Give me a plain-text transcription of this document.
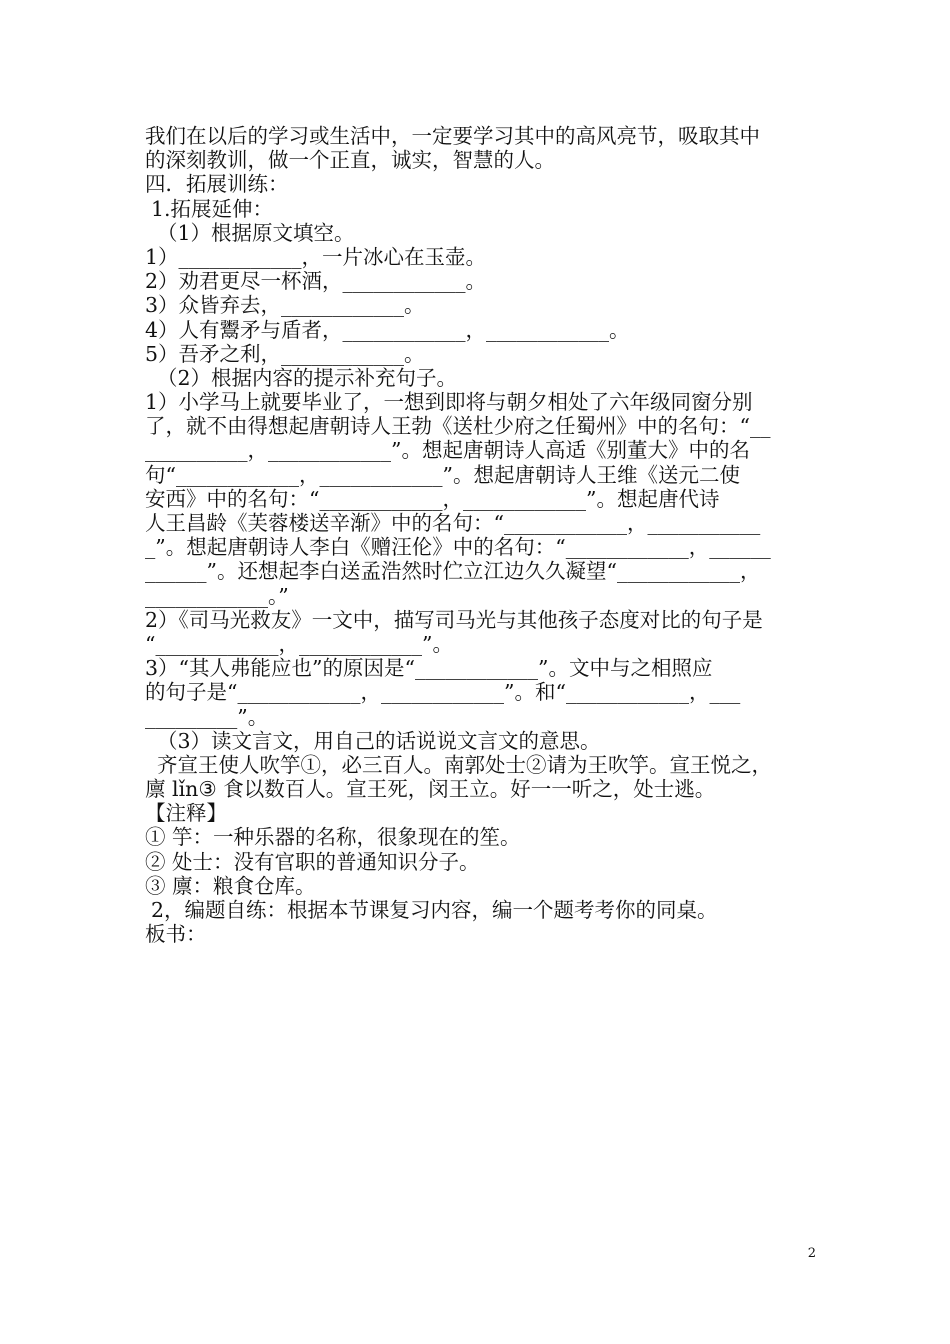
我们在以后的学习或生活中，一定要学习其中的高风亮节，吸取其中
的深刻教训，做一个正直，诚实，智慧的人。
四．拓展训练：
1.拓展延伸：
（1）根据原文填空。
1）____________，一片冰心在玉壶。
2）劝君更尽一杯酒，____________。
3）众皆弃去，____________。
4）人有鬻矛与盾者，____________，____________。
5）吾矛之利，____________。
（2）根据内容的提示补充句子。
1）小学马上就要毕业了，一想到即将与朝夕相处了六年级同窗分别
了，就不由得想起唐朝诗人王勃《送杜少府之任蜀州》中的名句：“__
__________，____________”。想起唐朝诗人高适《别董大》中的名
句“____________，____________”。想起唐朝诗人王维《送元二使
安西》中的名句：“____________，____________”。想起唐代诗
人王昌龄《芙蓉楼送辛渐》中的名句：“____________，___________
_”。想起唐朝诗人李白《赠汪伦》中的名句：“____________，______
______”。还想起李白送孟浩然时伫立江边久久凝望“____________，
____________。”
2）《司马光救友》一文中，描写司马光与其他孩子态度对比的句子是
“____________，____________”。
3）“其人弗能应也”的原因是“____________”。文中与之相照应
的句子是“____________，____________”。和“____________，___
_________”。
（3）读文言文，用自己的话说说文言文的意思。
齐宣王使人吹竽①，必三百人。南郭处士②请为王吹竽。宣王悦之，
廪 lǐn③ 食以数百人。宣王死，闵王立。好一一听之，处士逃。
【注释】
① 竽：一种乐器的名称，很象现在的笙。
② 处士：没有官职的普通知识分子。
③ 廪：粮食仓库。
2，编题自练：根据本节课复习内容，编一个题考考你的同桌。
板书：
2
